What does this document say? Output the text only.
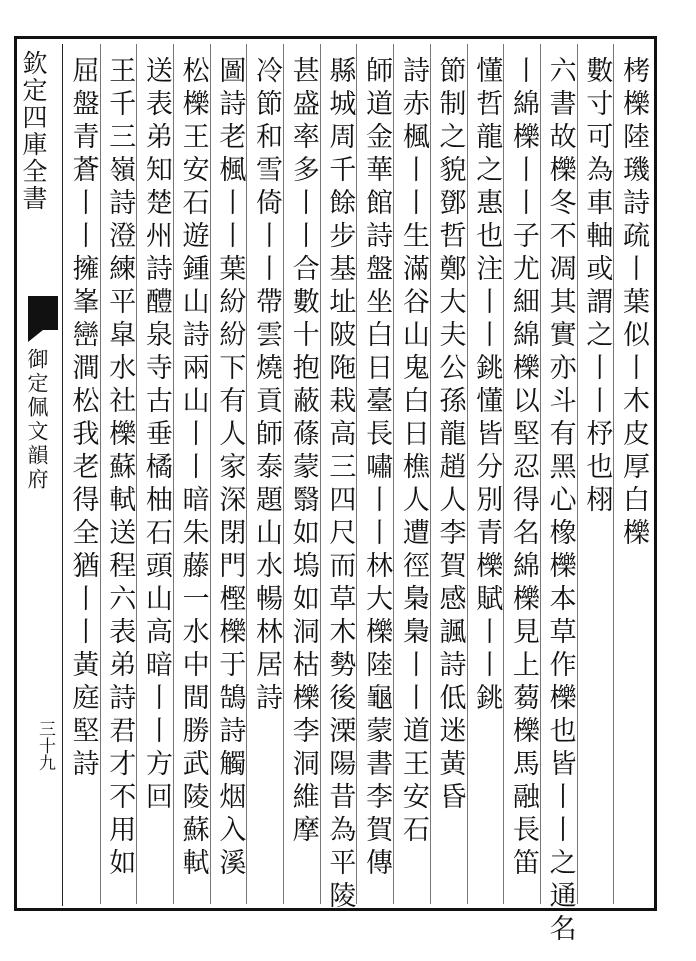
欽定四庫全書
御定佩文韻府
三十九
栲櫟陸璣詩疏丨葉似丨木皮厚白櫟
數寸可為車軸或謂之丨丨杼也栩
六書故櫟冬不凋其實亦斗有黑心橡櫟本草作櫟也皆丨丨之通名
丨綿櫟丨丨子尤細綿櫟以堅忍得名綿櫟見上蒭櫟馬融長笛
懂哲龍之惠也注丨丨銚懂皆分別青櫟賦丨丨銚
節制之貌鄧哲鄭大夫公孫龍趙人李賀感諷詩低迷黃昏
詩赤楓丨丨生滿谷山鬼白日樵人遭徑梟梟丨丨道王安石
師道金華館詩盤坐白日臺長嘯丨丨林大櫟陸龜蒙書李賀傳
縣城周千餘步基址陂陁栽高三四尺而草木勢後溧陽昔為平陵
甚盛率多丨丨合數十抱蔽蓧蒙翳如塢如洞枯櫟李洞維摩
冷節和雪倚丨丨帶雲燒貢師泰題山水暢林居詩
圖詩老楓丨丨葉紛紛下有人家深閉門樫櫟于鵠詩觸烟入溪
松櫟王安石遊鍾山詩兩山丨丨暗朱藤一水中間勝武陵蘇軾
送表弟知楚州詩醴泉寺古垂橘柚石頭山高暗丨丨方回
王千三嶺詩澄練平皐水社櫟蘇軾送程六表弟詩君才不用如
屈盤青蒼丨丨擁峯巒澗松我老得全猶丨丨黃庭堅詩
